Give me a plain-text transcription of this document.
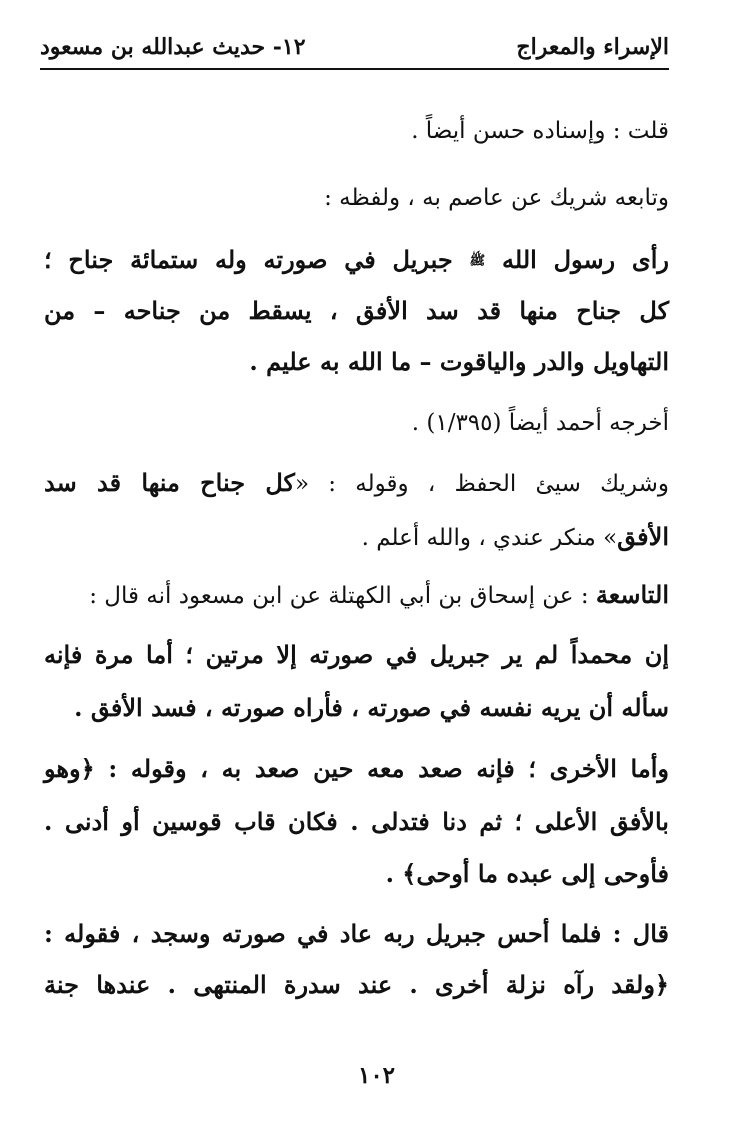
الإسراء والمعراج
١٢- حديث عبدالله بن مسعود
قلت : وإسناده حسن أيضاً .
وتابعه شريك عن عاصم به ، ولفظه :
رأى رسول الله ﷺ جبريل في صورته وله ستمائة جناح ؛
كل جناح منها قد سد الأفق ، يسقط من جناحه – من
التهاويل والدر والياقوت – ما الله به عليم .
أخرجه أحمد أيضاً (١/٣٩٥) .
وشريك سيئ الحفظ ، وقوله : «كل جناح منها قد سد
الأفق» منكر عندي ، والله أعلم .
التاسعة : عن إسحاق بن أبي الكهتلة عن ابن مسعود أنه قال :
إن محمداً لم ير جبريل في صورته إلا مرتين ؛ أما مرة فإنه
سأله أن يريه نفسه في صورته ، فأراه صورته ، فسد الأفق .
وأما الأخرى ؛ فإنه صعد معه حين صعد به ، وقوله : ﴿وهو
بالأفق الأعلى ؛ ثم دنا فتدلى . فكان قاب قوسين أو أدنى .
فأوحى إلى عبده ما أوحى﴾ .
قال : فلما أحس جبريل ربه عاد في صورته وسجد ، فقوله :
﴿ولقد رآه نزلة أخرى . عند سدرة المنتهى . عندها جنة
١٠٢
